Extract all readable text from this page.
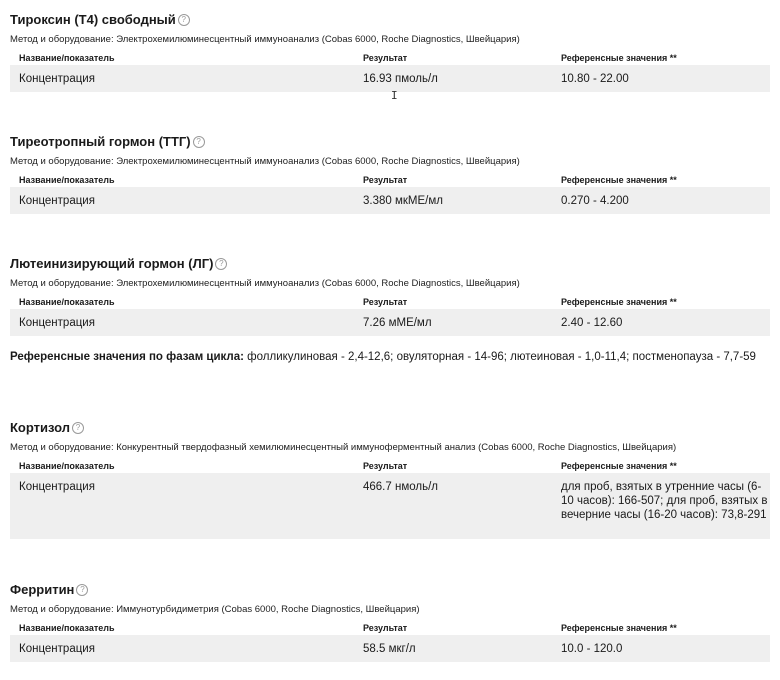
Тироксин (Т4) свободный ?
Метод и оборудование: Электрохемилюминесцентный иммуноанализ (Cobas 6000, Roche Diagnostics, Швейцария)
Название/показатель	Результат	Референсные значения **
Концентрация	16.93 пмоль/л	10.80 - 22.00
I
Тиреотропный гормон (ТТГ) ?
Метод и оборудование: Электрохемилюминесцентный иммуноанализ (Cobas 6000, Roche Diagnostics, Швейцария)
Название/показатель	Результат	Референсные значения **
Концентрация	3.380 мкМЕ/мл	0.270 - 4.200
Лютеинизирующий гормон (ЛГ) ?
Метод и оборудование: Электрохемилюминесцентный иммуноанализ (Cobas 6000, Roche Diagnostics, Швейцария)
Название/показатель	Результат	Референсные значения **
Концентрация	7.26 мМЕ/мл	2.40 - 12.60
Референсные значения по фазам цикла: фолликулиновая - 2,4-12,6; овуляторная - 14-96; лютеиновая - 1,0-11,4; постменопауза - 7,7-59
Кортизол ?
Метод и оборудование: Конкурентный твердофазный хемилюминесцентный иммуноферментный анализ (Cobas 6000, Roche Diagnostics, Швейцария)
Название/показатель	Результат	Референсные значения **
Концентрация	466.7 нмоль/л	для проб, взятых в утренние часы (6-10 часов): 166-507; для проб, взятых в вечерние часы (16-20 часов): 73,8-291
Ферритин ?
Метод и оборудование: Иммунотурбидиметрия (Cobas 6000, Roche Diagnostics, Швейцария)
Название/показатель	Результат	Референсные значения **
Концентрация	58.5 мкг/л	10.0 - 120.0
